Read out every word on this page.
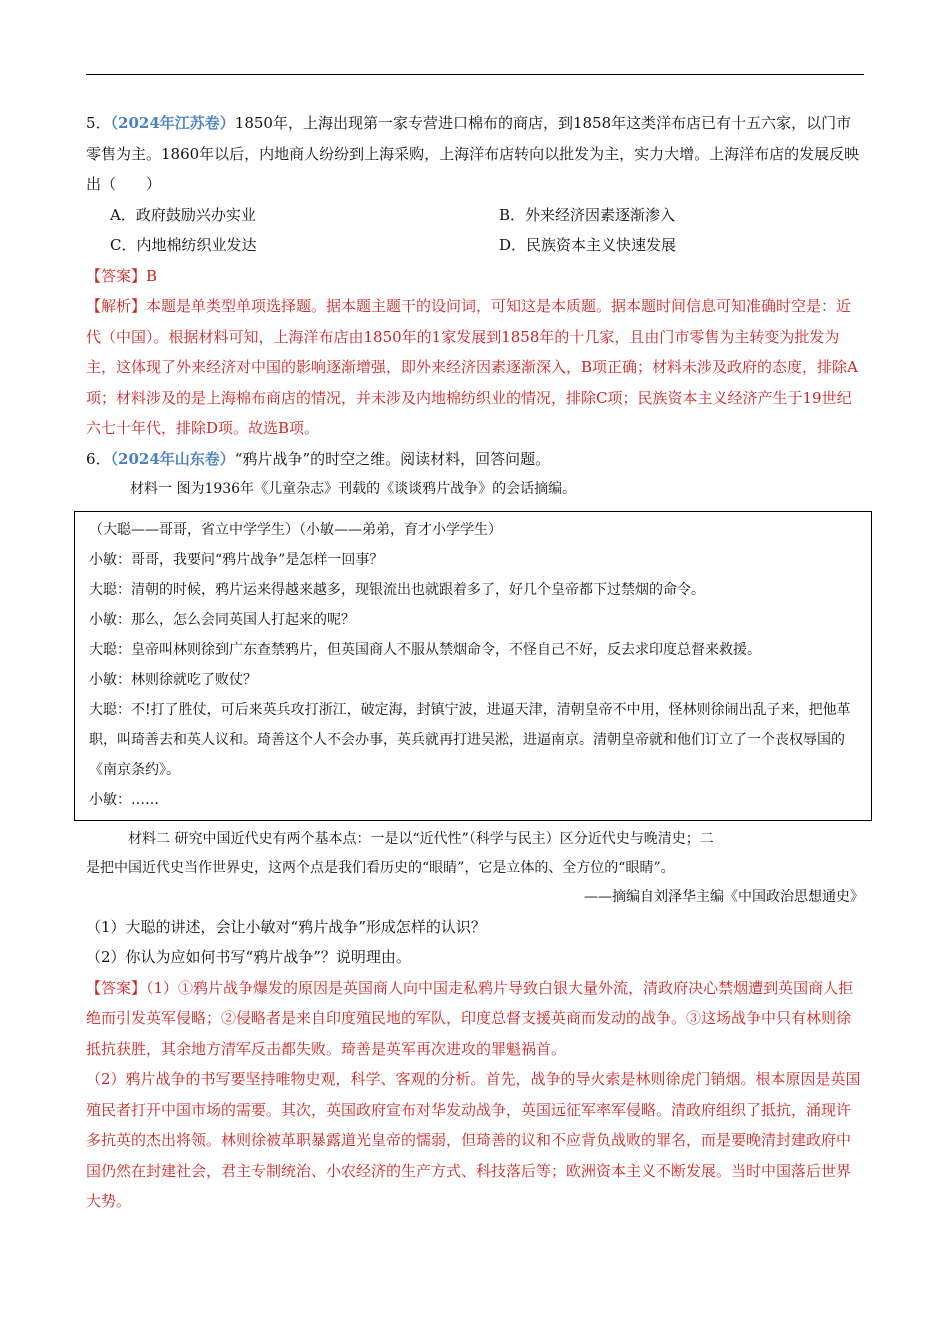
5．（2024年江苏卷）1850年，上海出现第一家专营进口棉布的商店，到1858年这类洋布店已有十五六家，以门市零售为主。1860年以后，内地商人纷纷到上海采购，上海洋布店转向以批发为主，实力大增。上海洋布店的发展反映出（　　）

A．政府鼓励兴办实业	B．外来经济因素逐渐渗入
C．内地棉纺织业发达	D．民族资本主义快速发展

【答案】B

【解析】本题是单类型单项选择题。据本题主题干的设问词，可知这是本质题。据本题时间信息可知准确时空是：近代（中国）。根据材料可知，上海洋布店由1850年的1家发展到1858年的十几家，且由门市零售为主转变为批发为主，这体现了外来经济对中国的影响逐渐增强，即外来经济因素逐渐深入，B项正确；材料未涉及政府的态度，排除A项；材料涉及的是上海棉布商店的情况，并未涉及内地棉纺织业的情况，排除C项；民族资本主义经济产生于19世纪六七十年代，排除D项。故选B项。

6．（2024年山东卷）“鸦片战争”的时空之维。阅读材料，回答问题。

材料一 图为1936年《儿童杂志》刊载的《谈谈鸦片战争》的会话摘编。

（大聪——哥哥，省立中学学生）（小敏——弟弟，育才小学学生）

小敏：哥哥，我要问“鸦片战争”是怎样一回事？

大聪：清朝的时候，鸦片运来得越来越多，现银流出也就跟着多了，好几个皇帝都下过禁烟的命令。

小敏：那么，怎么会同英国人打起来的呢？

大聪：皇帝叫林则徐到广东查禁鸦片，但英国商人不服从禁烟命令，不怪自己不好，反去求印度总督来救援。

小敏：林则徐就吃了败仗？

大聪：不!打了胜仗，可后来英兵攻打浙江，破定海，封镇宁波，进逼天津，清朝皇帝不中用，怪林则徐闹出乱子来，把他革职，叫琦善去和英人议和。琦善这个人不会办事，英兵就再打进吴淞，进逼南京。清朝皇帝就和他们订立了一个丧权辱国的《南京条约》。

小敏：……

材料二 研究中国近代史有两个基本点：一是以“近代性”（科学与民主）区分近代史与晚清史；二

是把中国近代史当作世界史，这两个点是我们看历史的“眼睛”，它是立体的、全方位的“眼睛”。

——摘编自刘泽华主编《中国政治思想通史》

（1）大聪的讲述，会让小敏对“鸦片战争”形成怎样的认识？

（2）你认为应如何书写“鸦片战争”？说明理由。

【答案】（1）①鸦片战争爆发的原因是英国商人向中国走私鸦片导致白银大量外流，清政府决心禁烟遭到英国商人拒绝而引发英军侵略；②侵略者是来自印度殖民地的军队，印度总督支援英商而发动的战争。③这场战争中只有林则徐抵抗获胜，其余地方清军反击都失败。琦善是英军再次进攻的罪魁祸首。

（2）鸦片战争的书写要坚持唯物史观，科学、客观的分析。首先，战争的导火索是林则徐虎门销烟。根本原因是英国殖民者打开中国市场的需要。其次，英国政府宣布对华发动战争，英国远征军率军侵略。清政府组织了抵抗，涌现许多抗英的杰出将领。林则徐被革职暴露道光皇帝的懦弱，但琦善的议和不应背负战败的罪名，而是要晚清封建政府中国仍然在封建社会，君主专制统治、小农经济的生产方式、科技落后等；欧洲资本主义不断发展。当时中国落后世界大势。
